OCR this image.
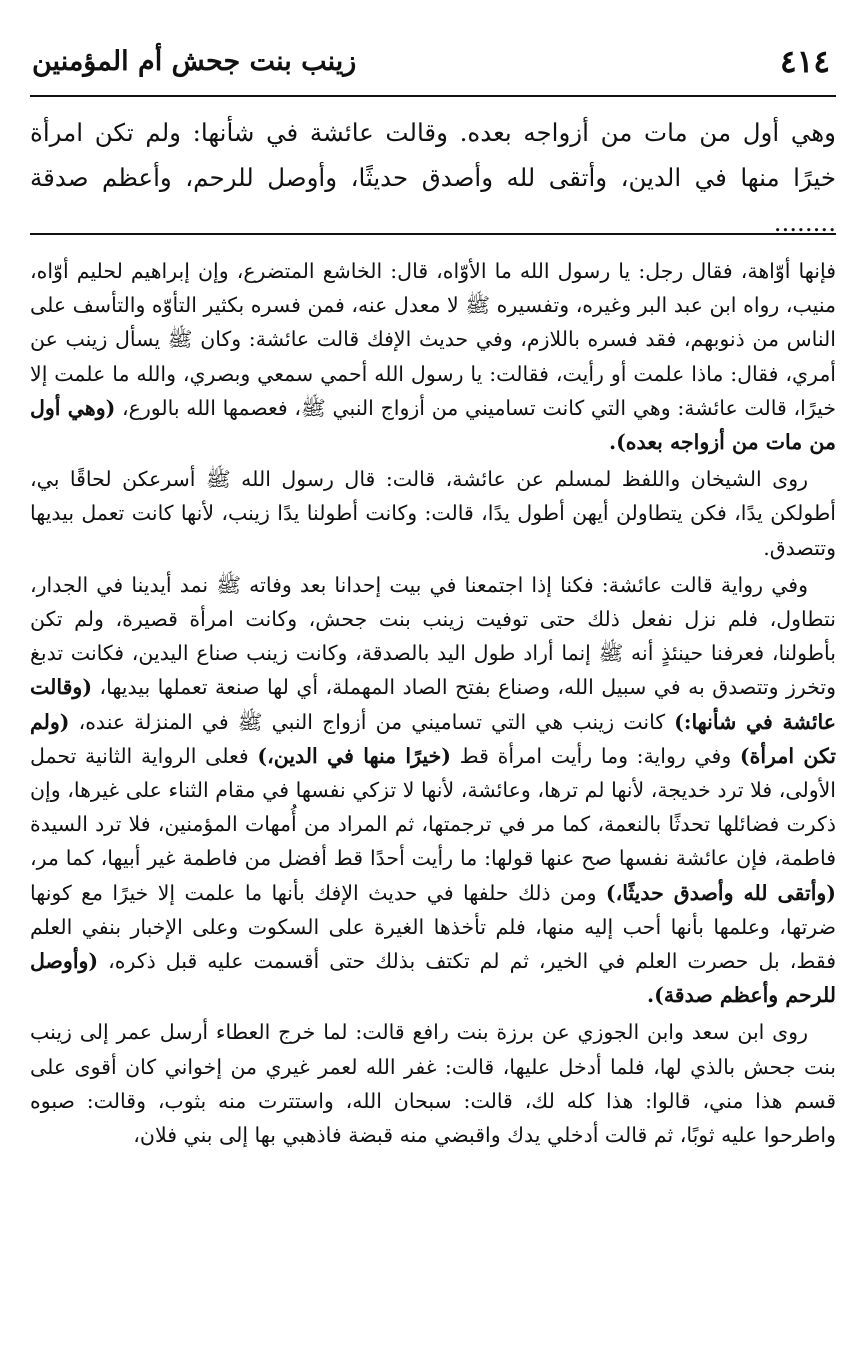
٤١٤
زينب بنت جحش أم المؤمنين

وهي أول من مات من أزواجه بعده. وقالت عائشة في شأنها: ولم تكن امرأة خيرًا منها في الدين، وأتقى لله وأصدق حديثًا، وأوصل للرحم، وأعظم صدقة ........

فإنها أوّاهة، فقال رجل: يا رسول الله ما الأوّاه، قال: الخاشع المتضرع، وإن إبراهيم لحليم أوّاه، منيب، رواه ابن عبد البر وغيره، وتفسيره ﷺ لا معدل عنه، فمن فسره بكثير التأوّه والتأسف على الناس من ذنوبهم، فقد فسره باللازم، وفي حديث الإفك قالت عائشة: وكان ﷺ يسأل زينب عن أمري، فقال: ماذا علمت أو رأيت، فقالت: يا رسول الله أحمي سمعي وبصري، والله ما علمت إلا خيرًا، قالت عائشة: وهي التي كانت تساميني من أزواج النبي ﷺ، فعصمها الله بالورع، (وهي أول من مات من أزواجه بعده).

روى الشيخان واللفظ لمسلم عن عائشة، قالت: قال رسول الله ﷺ أسرعكن لحاقًا بي، أطولكن يدًا، فكن يتطاولن أيهن أطول يدًا، قالت: وكانت أطولنا يدًا زينب، لأنها كانت تعمل بيديها وتتصدق.

وفي رواية قالت عائشة: فكنا إذا اجتمعنا في بيت إحدانا بعد وفاته ﷺ نمد أيدينا في الجدار، نتطاول، فلم نزل نفعل ذلك حتى توفيت زينب بنت جحش، وكانت امرأة قصيرة، ولم تكن بأطولنا، فعرفنا حينئذٍ أنه ﷺ إنما أراد طول اليد بالصدقة، وكانت زينب صناع اليدين، فكانت تدبغ وتخرز وتتصدق به في سبيل الله، وصناع بفتح الصاد المهملة، أي لها صنعة تعملها بيديها، (وقالت عائشة في شأنها:) كانت زينب هي التي تساميني من أزواج النبي ﷺ في المنزلة عنده، (ولم تكن امرأة) وفي رواية: وما رأيت امرأة قط (خيرًا منها في الدين،) فعلى الرواية الثانية تحمل الأولى، فلا ترد خديجة، لأنها لم ترها، وعائشة، لأنها لا تزكي نفسها في مقام الثناء على غيرها، وإن ذكرت فضائلها تحدثًا بالنعمة، كما مر في ترجمتها، ثم المراد من أُمهات المؤمنين، فلا ترد السيدة فاطمة، فإن عائشة نفسها صح عنها قولها: ما رأيت أحدًا قط أفضل من فاطمة غير أبيها، كما مر، (وأتقى لله وأصدق حديثًا،) ومن ذلك حلفها في حديث الإفك بأنها ما علمت إلا خيرًا مع كونها ضرتها، وعلمها بأنها أحب إليه منها، فلم تأخذها الغيرة على السكوت وعلى الإخبار بنفي العلم فقط، بل حصرت العلم في الخير، ثم لم تكتف بذلك حتى أقسمت عليه قبل ذكره، (وأوصل للرحم وأعظم صدقة).

روى ابن سعد وابن الجوزي عن برزة بنت رافع قالت: لما خرج العطاء أرسل عمر إلى زينب بنت جحش بالذي لها، فلما أدخل عليها، قالت: غفر الله لعمر غيري من إخواني كان أقوى على قسم هذا مني، قالوا: هذا كله لك، قالت: سبحان الله، واستترت منه بثوب، وقالت: صبوه واطرحوا عليه ثوبًا، ثم قالت أدخلي يدك واقبضي منه قبضة فاذهبي بها إلى بني فلان،
